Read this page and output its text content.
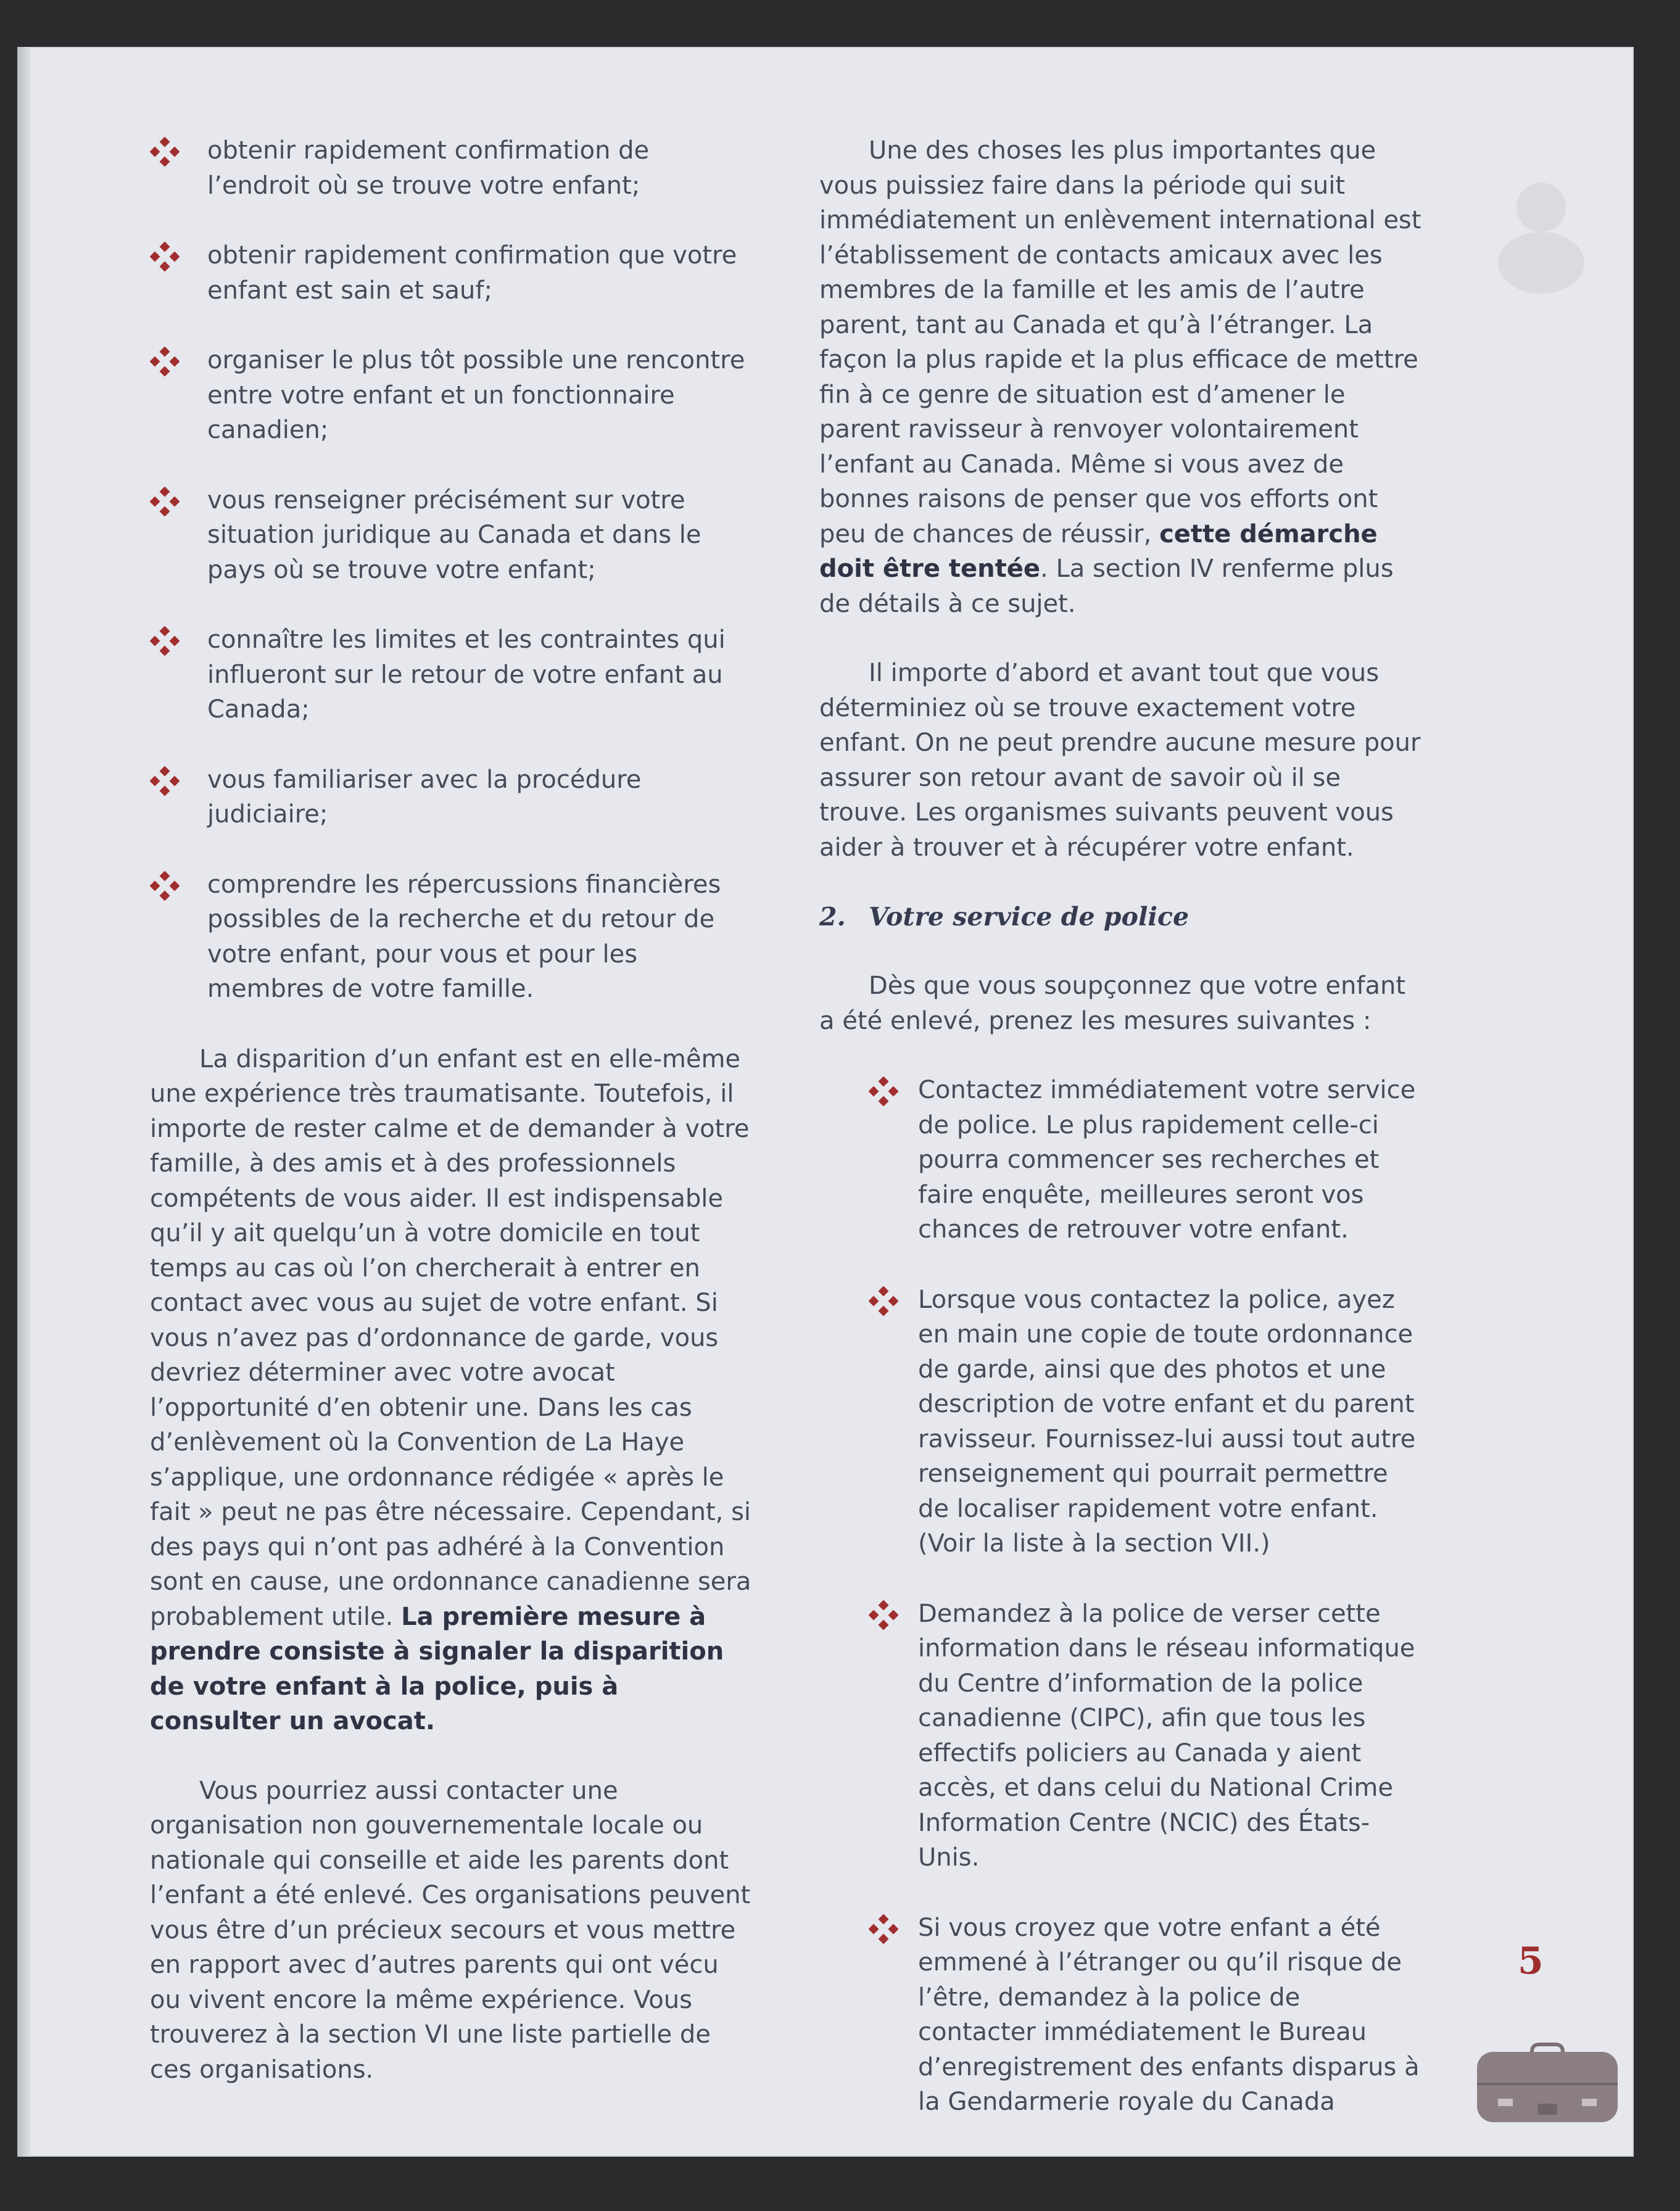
obtenir rapidement confirmation de l’endroit où se trouve votre enfant;
obtenir rapidement confirmation que votre enfant est sain et sauf;
organiser le plus tôt possible une rencontre entre votre enfant et un fonctionnaire canadien;
vous renseigner précisément sur votre situation juridique au Canada et dans le pays où se trouve votre enfant;
connaître les limites et les contraintes qui influeront sur le retour de votre enfant au Canada;
vous familiariser avec la procédure judiciaire;
comprendre les répercussions financières possibles de la recherche et du retour de votre enfant, pour vous et pour les membres de votre famille.

La disparition d’un enfant est en elle-même une expérience très traumatisante. Toutefois, il importe de rester calme et de demander à votre famille, à des amis et à des professionnels compétents de vous aider. Il est indispensable qu’il y ait quelqu’un à votre domicile en tout temps au cas où l’on chercherait à entrer en contact avec vous au sujet de votre enfant. Si vous n’avez pas d’ordonnance de garde, vous devriez déterminer avec votre avocat l’opportunité d’en obtenir une. Dans les cas d’enlèvement où la Convention de La Haye s’applique, une ordonnance rédigée « après le fait » peut ne pas être nécessaire. Cependant, si des pays qui n’ont pas adhéré à la Convention sont en cause, une ordonnance canadienne sera probablement utile. La première mesure à prendre consiste à signaler la disparition de votre enfant à la police, puis à consulter un avocat.

Vous pourriez aussi contacter une organisation non gouvernementale locale ou nationale qui conseille et aide les parents dont l’enfant a été enlevé. Ces organisations peuvent vous être d’un précieux secours et vous mettre en rapport avec d’autres parents qui ont vécu ou vivent encore la même expérience. Vous trouverez à la section VI une liste partielle de ces organisations.

Une des choses les plus importantes que vous puissiez faire dans la période qui suit immédiatement un enlèvement international est l’établissement de contacts amicaux avec les membres de la famille et les amis de l’autre parent, tant au Canada et qu’à l’étranger. La façon la plus rapide et la plus efficace de mettre fin à ce genre de situation est d’amener le parent ravisseur à renvoyer volontairement l’enfant au Canada. Même si vous avez de bonnes raisons de penser que vos efforts ont peu de chances de réussir, cette démarche doit être tentée. La section IV renferme plus de détails à ce sujet.

Il importe d’abord et avant tout que vous déterminiez où se trouve exactement votre enfant. On ne peut prendre aucune mesure pour assurer son retour avant de savoir où il se trouve. Les organismes suivants peuvent vous aider à trouver et à récupérer votre enfant.

2. Votre service de police

Dès que vous soupçonnez que votre enfant a été enlevé, prenez les mesures suivantes :

Contactez immédiatement votre service de police. Le plus rapidement celle-ci pourra commencer ses recherches et faire enquête, meilleures seront vos chances de retrouver votre enfant.
Lorsque vous contactez la police, ayez en main une copie de toute ordonnance de garde, ainsi que des photos et une description de votre enfant et du parent ravisseur. Fournissez-lui aussi tout autre renseignement qui pourrait permettre de localiser rapidement votre enfant. (Voir la liste à la section VII.)
Demandez à la police de verser cette information dans le réseau informatique du Centre d’information de la police canadienne (CIPC), afin que tous les effectifs policiers au Canada y aient accès, et dans celui du National Crime Information Centre (NCIC) des États-Unis.
Si vous croyez que votre enfant a été emmené à l’étranger ou qu’il risque de l’être, demandez à la police de contacter immédiatement le Bureau d’enregistrement des enfants disparus à la Gendarmerie royale du Canada
5
